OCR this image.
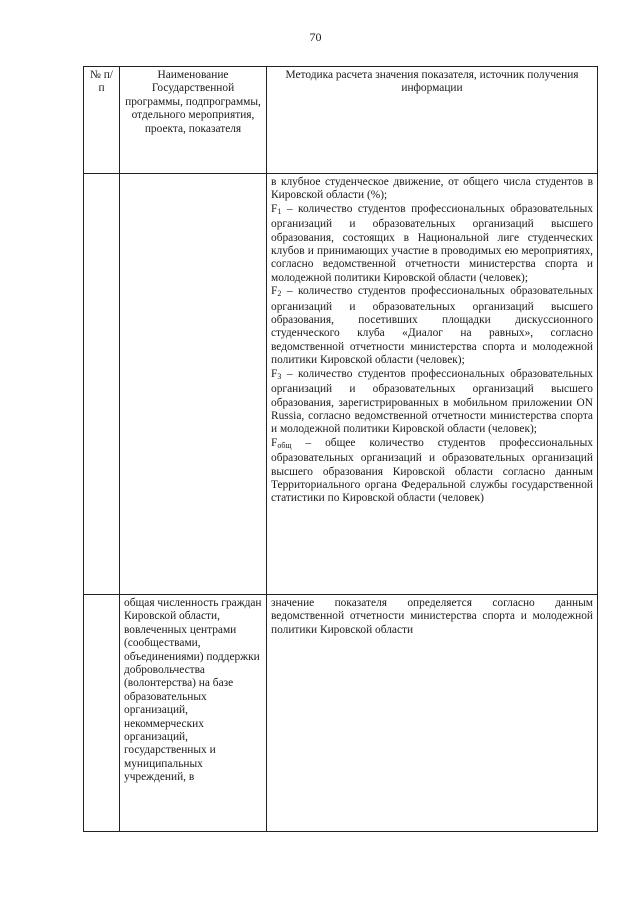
70
№ п/п	Наименование Государственной программы, подпрограммы, отдельного мероприятия, проекта, показателя	Методика расчета значения показателя, источник получения информации

		в клубное студенческое движение, от общего числа студентов в Кировской области (%);
$F_1$ – количество студентов профессиональных образовательных организаций и образовательных организаций высшего образования, состоящих в Национальной лиге студенческих клубов и принимающих участие в проводимых ею мероприятиях, согласно ведомственной отчетности министерства спорта и молодежной политики Кировской области (человек);
$F_2$ – количество студентов профессиональных образовательных организаций и образовательных организаций высшего образования, посетивших площадки дискуссионного студенческого клуба «Диалог на равных», согласно ведомственной отчетности министерства спорта и молодежной политики Кировской области (человек);
$F_3$ – количество студентов профессиональных образовательных организаций и образовательных организаций высшего образования, зарегистрированных в мобильном приложении ON Russia, согласно ведомственной отчетности министерства спорта и молодежной политики Кировской области (человек);
$F_{общ}$ – общее количество студентов профессиональных образовательных организаций и образовательных организаций высшего образования Кировской области согласно данным Территориального органа Федеральной службы государственной статистики по Кировской области (человек)

	общая численность граждан Кировской области, вовлеченных центрами (сообществами, объединениями) поддержки добровольчества (волонтерства) на базе образовательных организаций, некоммерческих организаций, государственных и муниципальных учреждений, в	значение показателя определяется согласно данным ведомственной отчетности министерства спорта и молодежной политики Кировской области
